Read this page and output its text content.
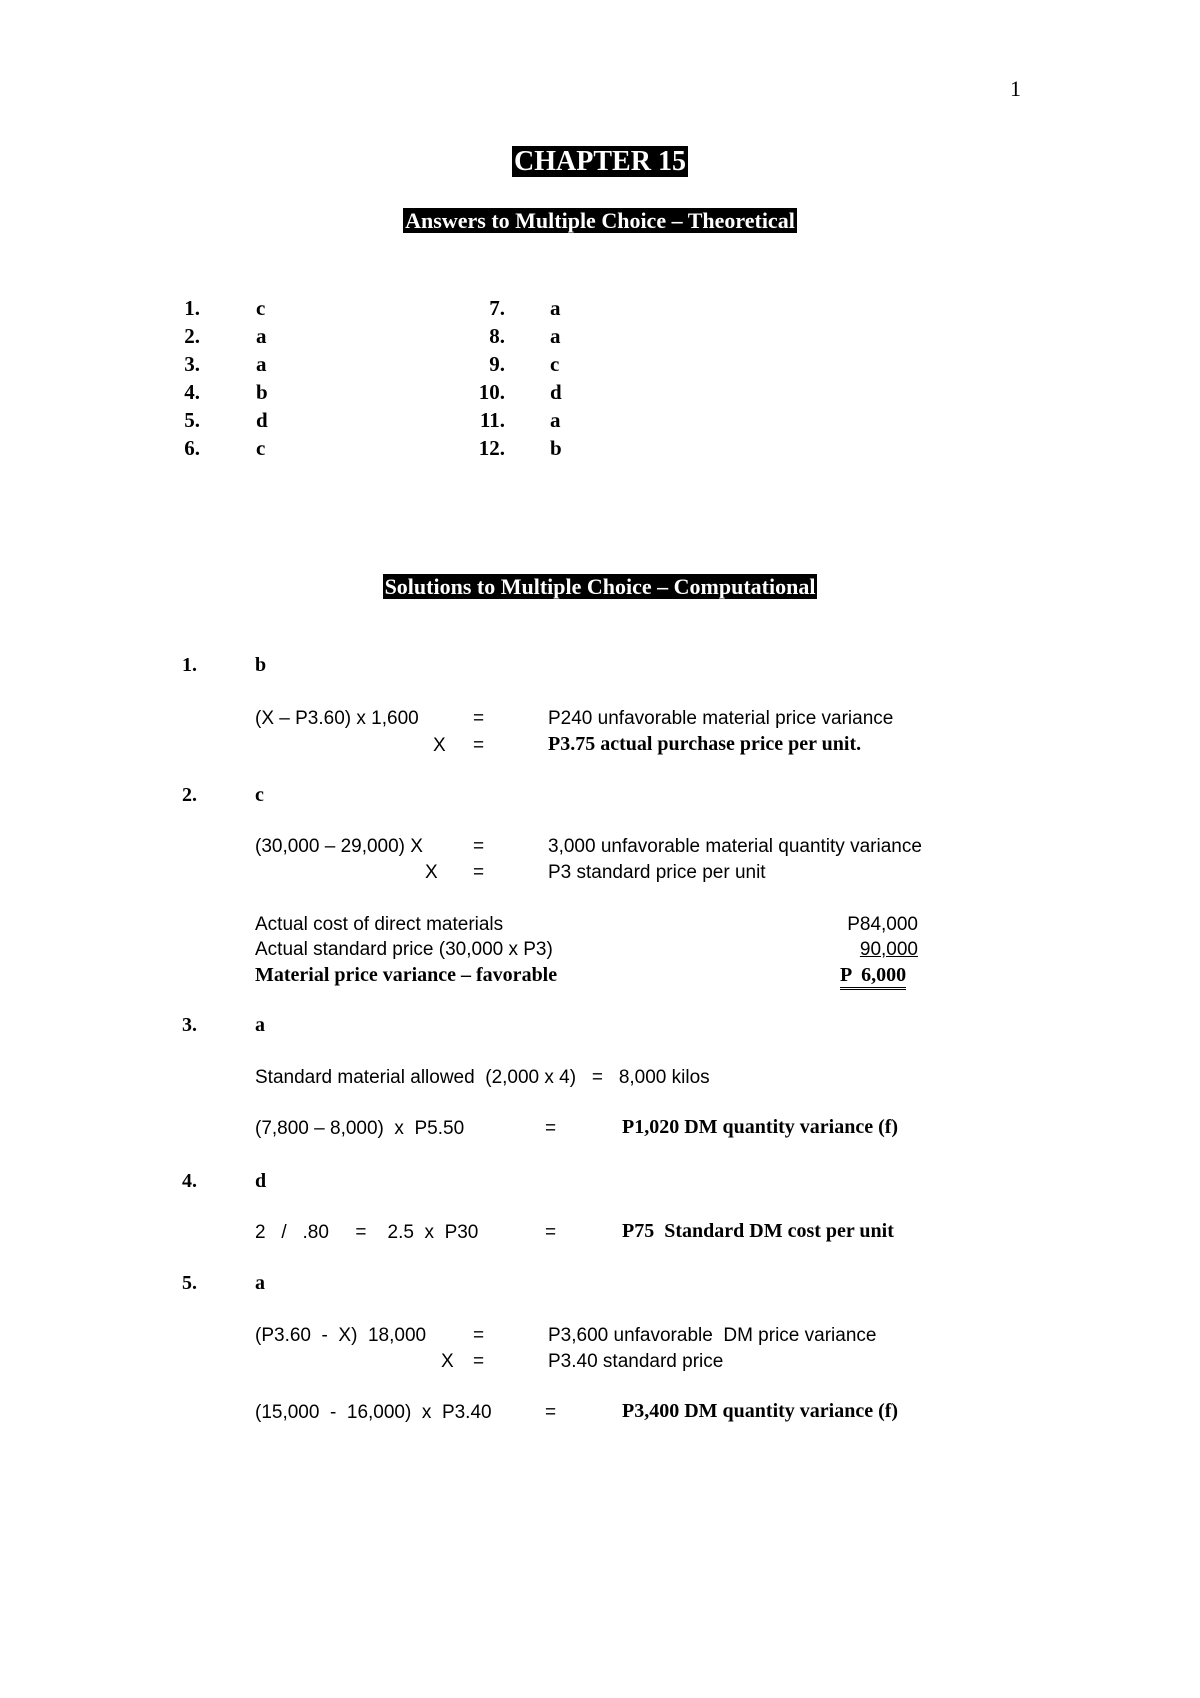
1
CHAPTER 15
Answers to Multiple Choice – Theoretical
1.	c
2.	a
3.	a
4.	b
5.	d
6.	c
7. a
8. a
9. c
10. d
11. a
12. b
Solutions to Multiple Choice – Computational
1.	b
(X – P3.60) x 1,600	=	P240 unfavorable material price variance
X =	P3.75 actual purchase price per unit.
2.	c
(30,000 – 29,000) X	=	3,000 unfavorable material quantity variance
X =	P3 standard price per unit
Actual cost of direct materials	P84,000
Actual standard price (30,000 x P3)	90,000
Material price variance – favorable	P  6,000
3.	a
Standard material allowed  (2,000 x 4)   =   8,000 kilos
(7,800 – 8,000)  x  P5.50	=	P1,020 DM quantity variance (f)
4.	d
2   /   .80     =    2.5  x  P30	=	P75  Standard DM cost per unit
5.	a
(P3.60  -  X)  18,000 =	P3,600 unfavorable  DM price variance
X =	P3.40 standard price
(15,000  -  16,000)  x  P3.40	=	P3,400 DM quantity variance (f)
